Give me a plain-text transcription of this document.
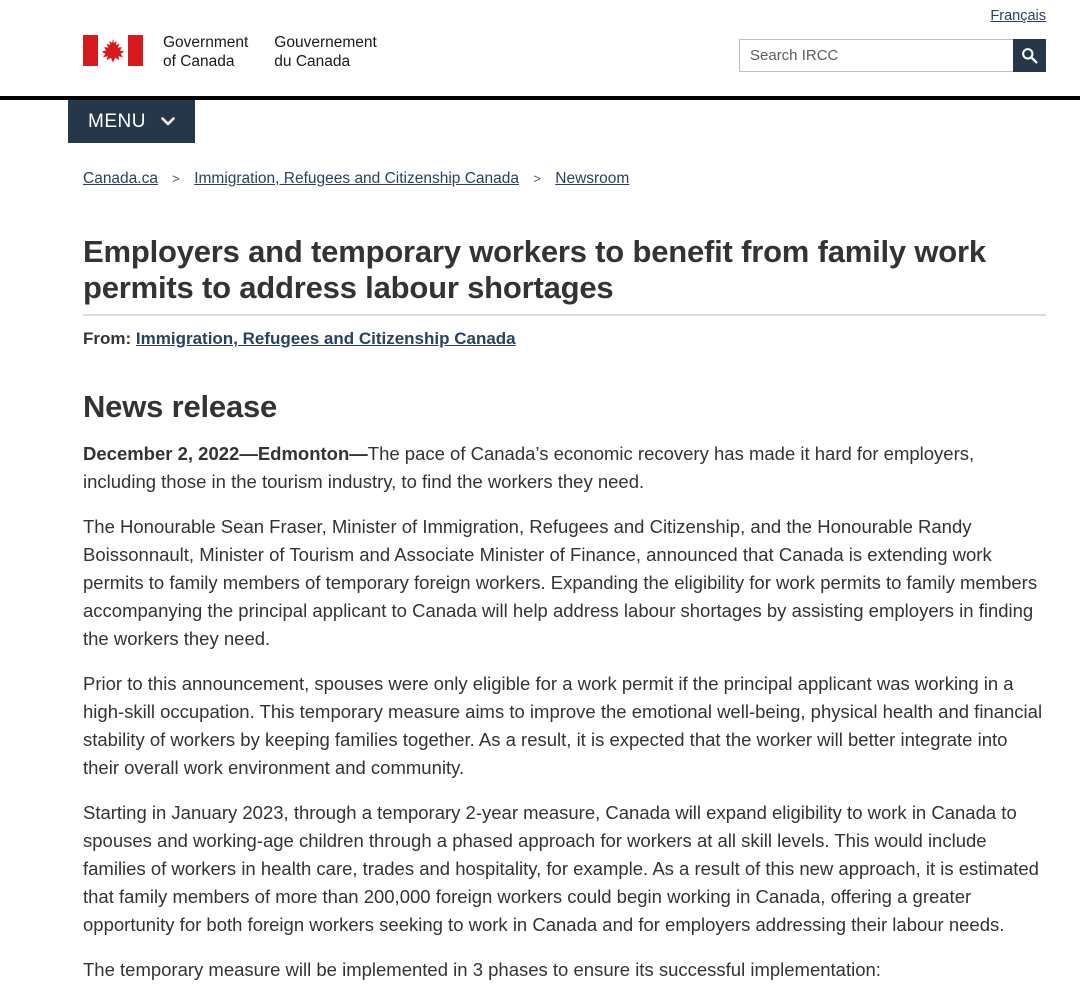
Français
Government
of Canada
Gouvernement
du Canada
Search IRCC
MENU
Canada.ca > Immigration, Refugees and Citizenship Canada > Newsroom
Employers and temporary workers to benefit from family work permits to address labour shortages

From: Immigration, Refugees and Citizenship Canada

News release

December 2, 2022—Edmonton—The pace of Canada’s economic recovery has made it hard for employers, including those in the tourism industry, to find the workers they need.

The Honourable Sean Fraser, Minister of Immigration, Refugees and Citizenship, and the Honourable Randy Boissonnault, Minister of Tourism and Associate Minister of Finance, announced that Canada is extending work permits to family members of temporary foreign workers. Expanding the eligibility for work permits to family members accompanying the principal applicant to Canada will help address labour shortages by assisting employers in finding the workers they need.

Prior to this announcement, spouses were only eligible for a work permit if the principal applicant was working in a high-skill occupation. This temporary measure aims to improve the emotional well-being, physical health and financial stability of workers by keeping families together. As a result, it is expected that the worker will better integrate into their overall work environment and community.

Starting in January 2023, through a temporary 2-year measure, Canada will expand eligibility to work in Canada to spouses and working-age children through a phased approach for workers at all skill levels. This would include families of workers in health care, trades and hospitality, for example. As a result of this new approach, it is estimated that family members of more than 200,000 foreign workers could begin working in Canada, offering a greater opportunity for both foreign workers seeking to work in Canada and for employers addressing their labour needs.

The temporary measure will be implemented in 3 phases to ensure its successful implementation:
